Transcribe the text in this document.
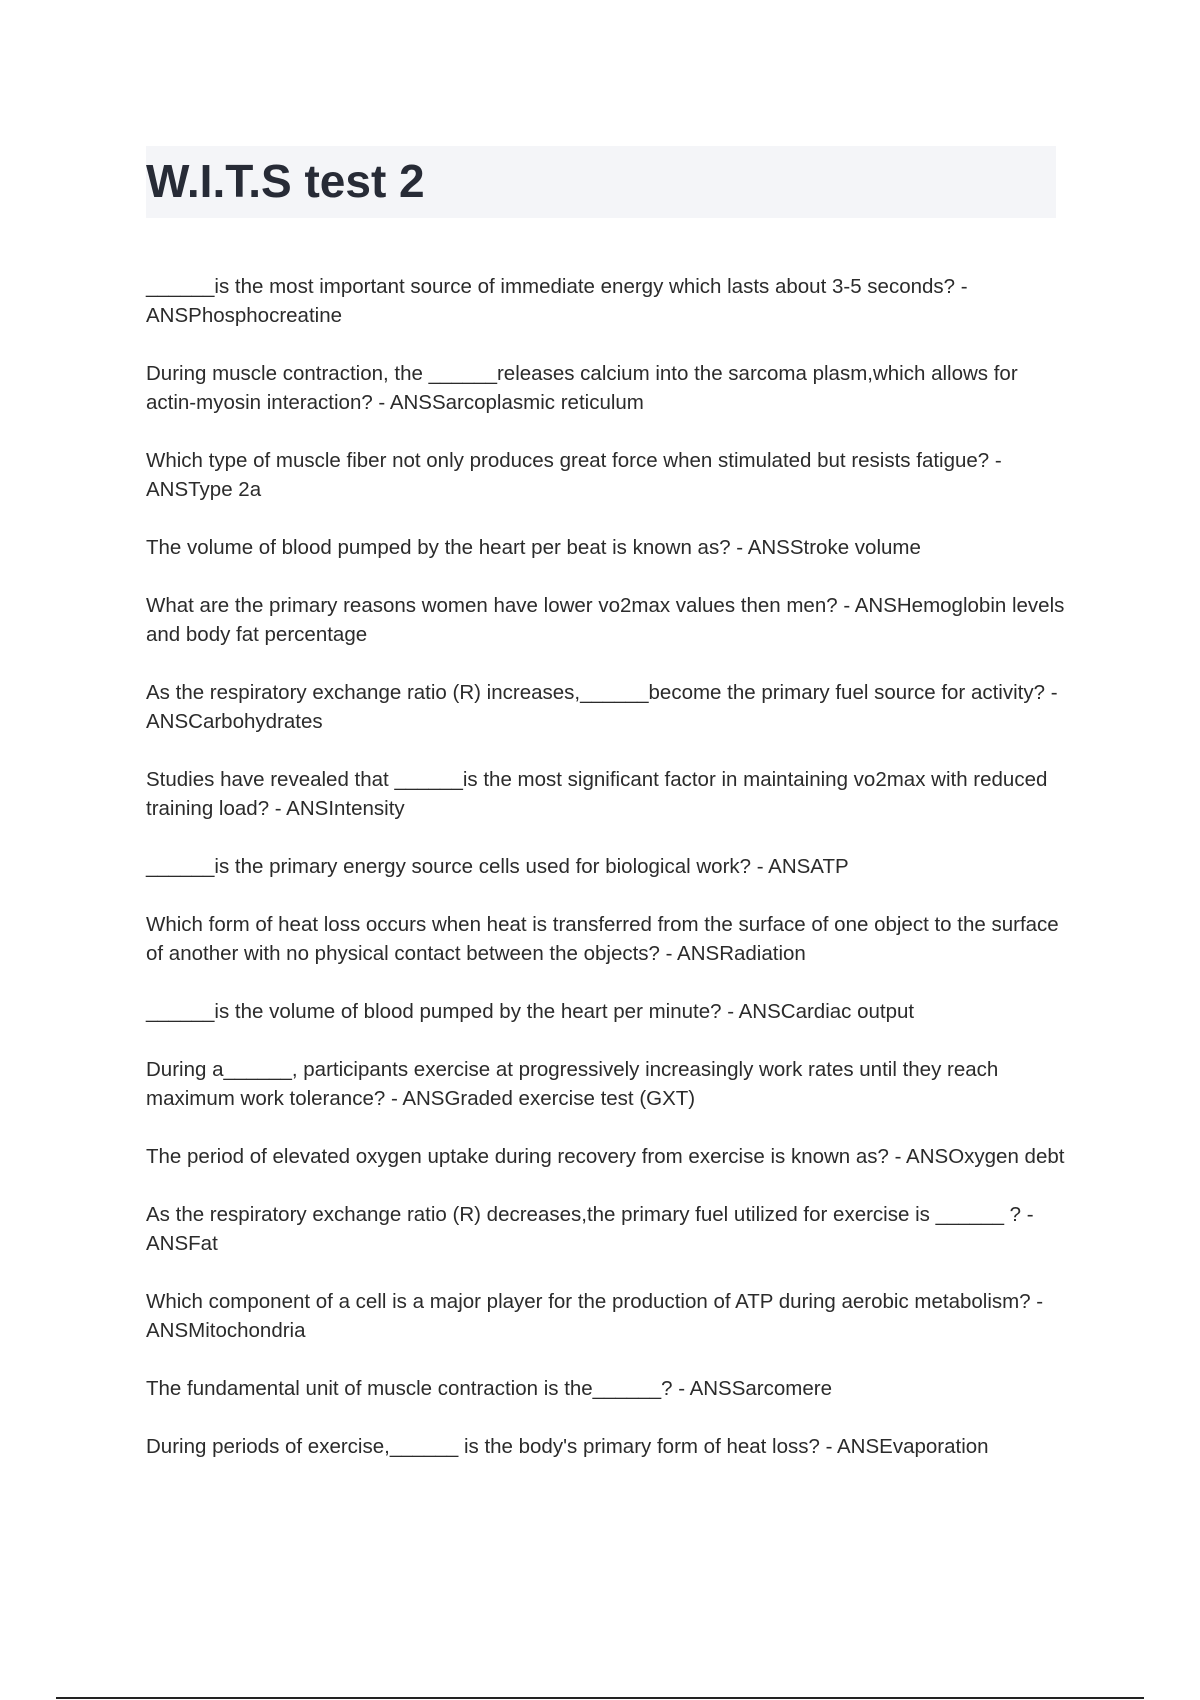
W.I.T.S test 2

______is the most important source of immediate energy which lasts about 3-5 seconds? - ANSPhosphocreatine

During muscle contraction, the ______releases calcium into the sarcoma plasm,which allows for actin-myosin interaction? - ANSSarcoplasmic reticulum

Which type of muscle fiber not only produces great force when stimulated but resists fatigue? - ANSType 2a

The volume of blood pumped by the heart per beat is known as? - ANSStroke volume

What are the primary reasons women have lower vo2max values then men? - ANSHemoglobin levels and body fat percentage

As the respiratory exchange ratio (R) increases,______become the primary fuel source for activity? - ANSCarbohydrates

Studies have revealed that ______is the most significant factor in maintaining vo2max with reduced training load? - ANSIntensity

______is the primary energy source cells used for biological work? - ANSATP

Which form of heat loss occurs when heat is transferred from the surface of one object to the surface of another with no physical contact between the objects? - ANSRadiation

______is the volume of blood pumped by the heart per minute? - ANSCardiac output

During a______, participants exercise at progressively increasingly work rates until they reach maximum work tolerance? - ANSGraded exercise test (GXT)

The period of elevated oxygen uptake during recovery from exercise is known as? - ANSOxygen debt

As the respiratory exchange ratio (R) decreases,the primary fuel utilized for exercise is ______ ? - ANSFat

Which component of a cell is a major player for the production of ATP during aerobic metabolism? - ANSMitochondria

The fundamental unit of muscle contraction is the______? - ANSSarcomere

During periods of exercise,______ is the body's primary form of heat loss? - ANSEvaporation
